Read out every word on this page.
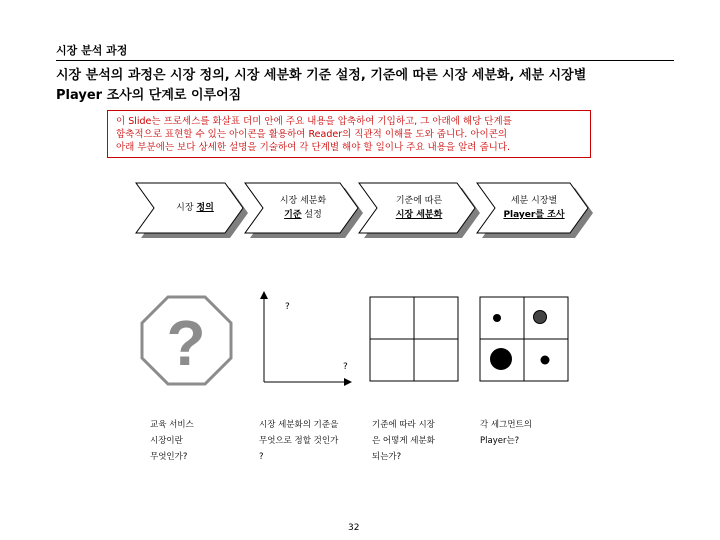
시장 분석 과정
시장 분석의 과정은 시장 정의, 시장 세분화 기준 설정, 기준에 따른 시장 세분화, 세분 시장별
Player 조사의 단계로 이루어짐
이 Slide는 프로세스를 화살표 더미 안에 주요 내용을 압축하여 기입하고, 그 아래에 해당 단계를
함축적으로 표현할 수 있는 아이콘을 활용하여 Reader의 직관적 이해를 도와 줍니다. 아이콘의
아래 부분에는 보다 상세한 설명을 기술하여 각 단계별 해야 할 일이나 주요 내용을 알려 줍니다.
?	?
?
시장 정의
시장 세분화
기준 설정
기준에 따른
시장 세분화
세분 시장별
Player를 조사
교육 서비스
시장이란
무엇인가?
시장 세분화의 기준을
무엇으로 정할 것인가
?
기준에 따라 시장
은 어떻게 세분화
되는가?
각 세그먼트의
Player는?
32
